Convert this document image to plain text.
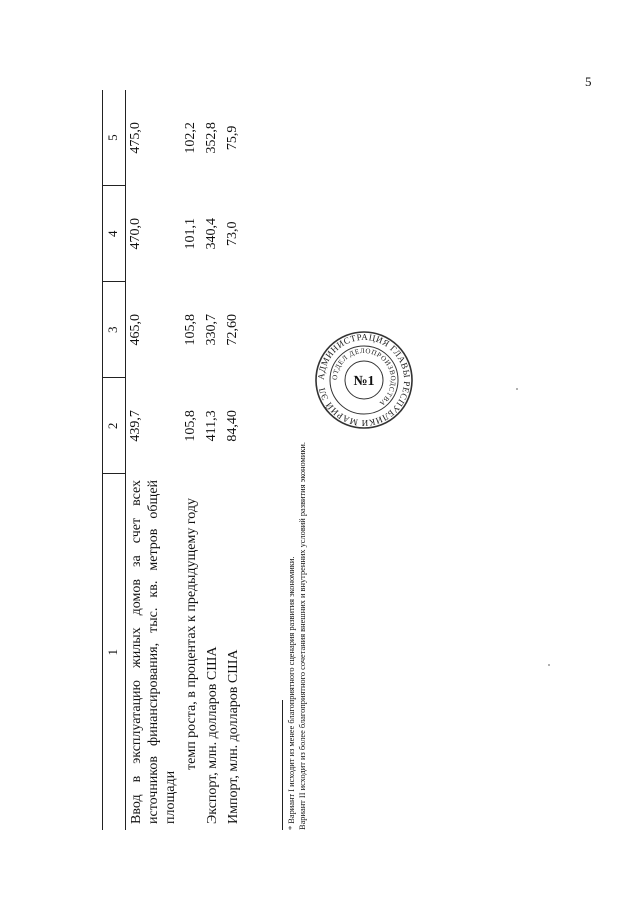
5
1	2	3	4	5
Ввод в эксплуатацию жилых домов за счет всех источников финансирования, тыс. кв. метров общей площади	439,7	465,0	470,0	475,0
темп роста, в процентах к предыдущему году	105,8	105,8	101,1	102,2
Экспорт, млн. долларов США	411,3	330,7	340,4	352,8
Импорт, млн. долларов США	84,40	72,60	73,0	75,9
* Вариант I исходит из менее благоприятного сценария развития экономики. Вариант II исходит из более благоприятного сочетания внешних и внутренних условий развития экономики.
АДМИНИСТРАЦИЯ ГЛАВЫ РЕСПУБЛИКИ МАРИЙ ЭЛ
ОТДЕЛ ДЕЛОПРОИЗВОДСТВА
№1
